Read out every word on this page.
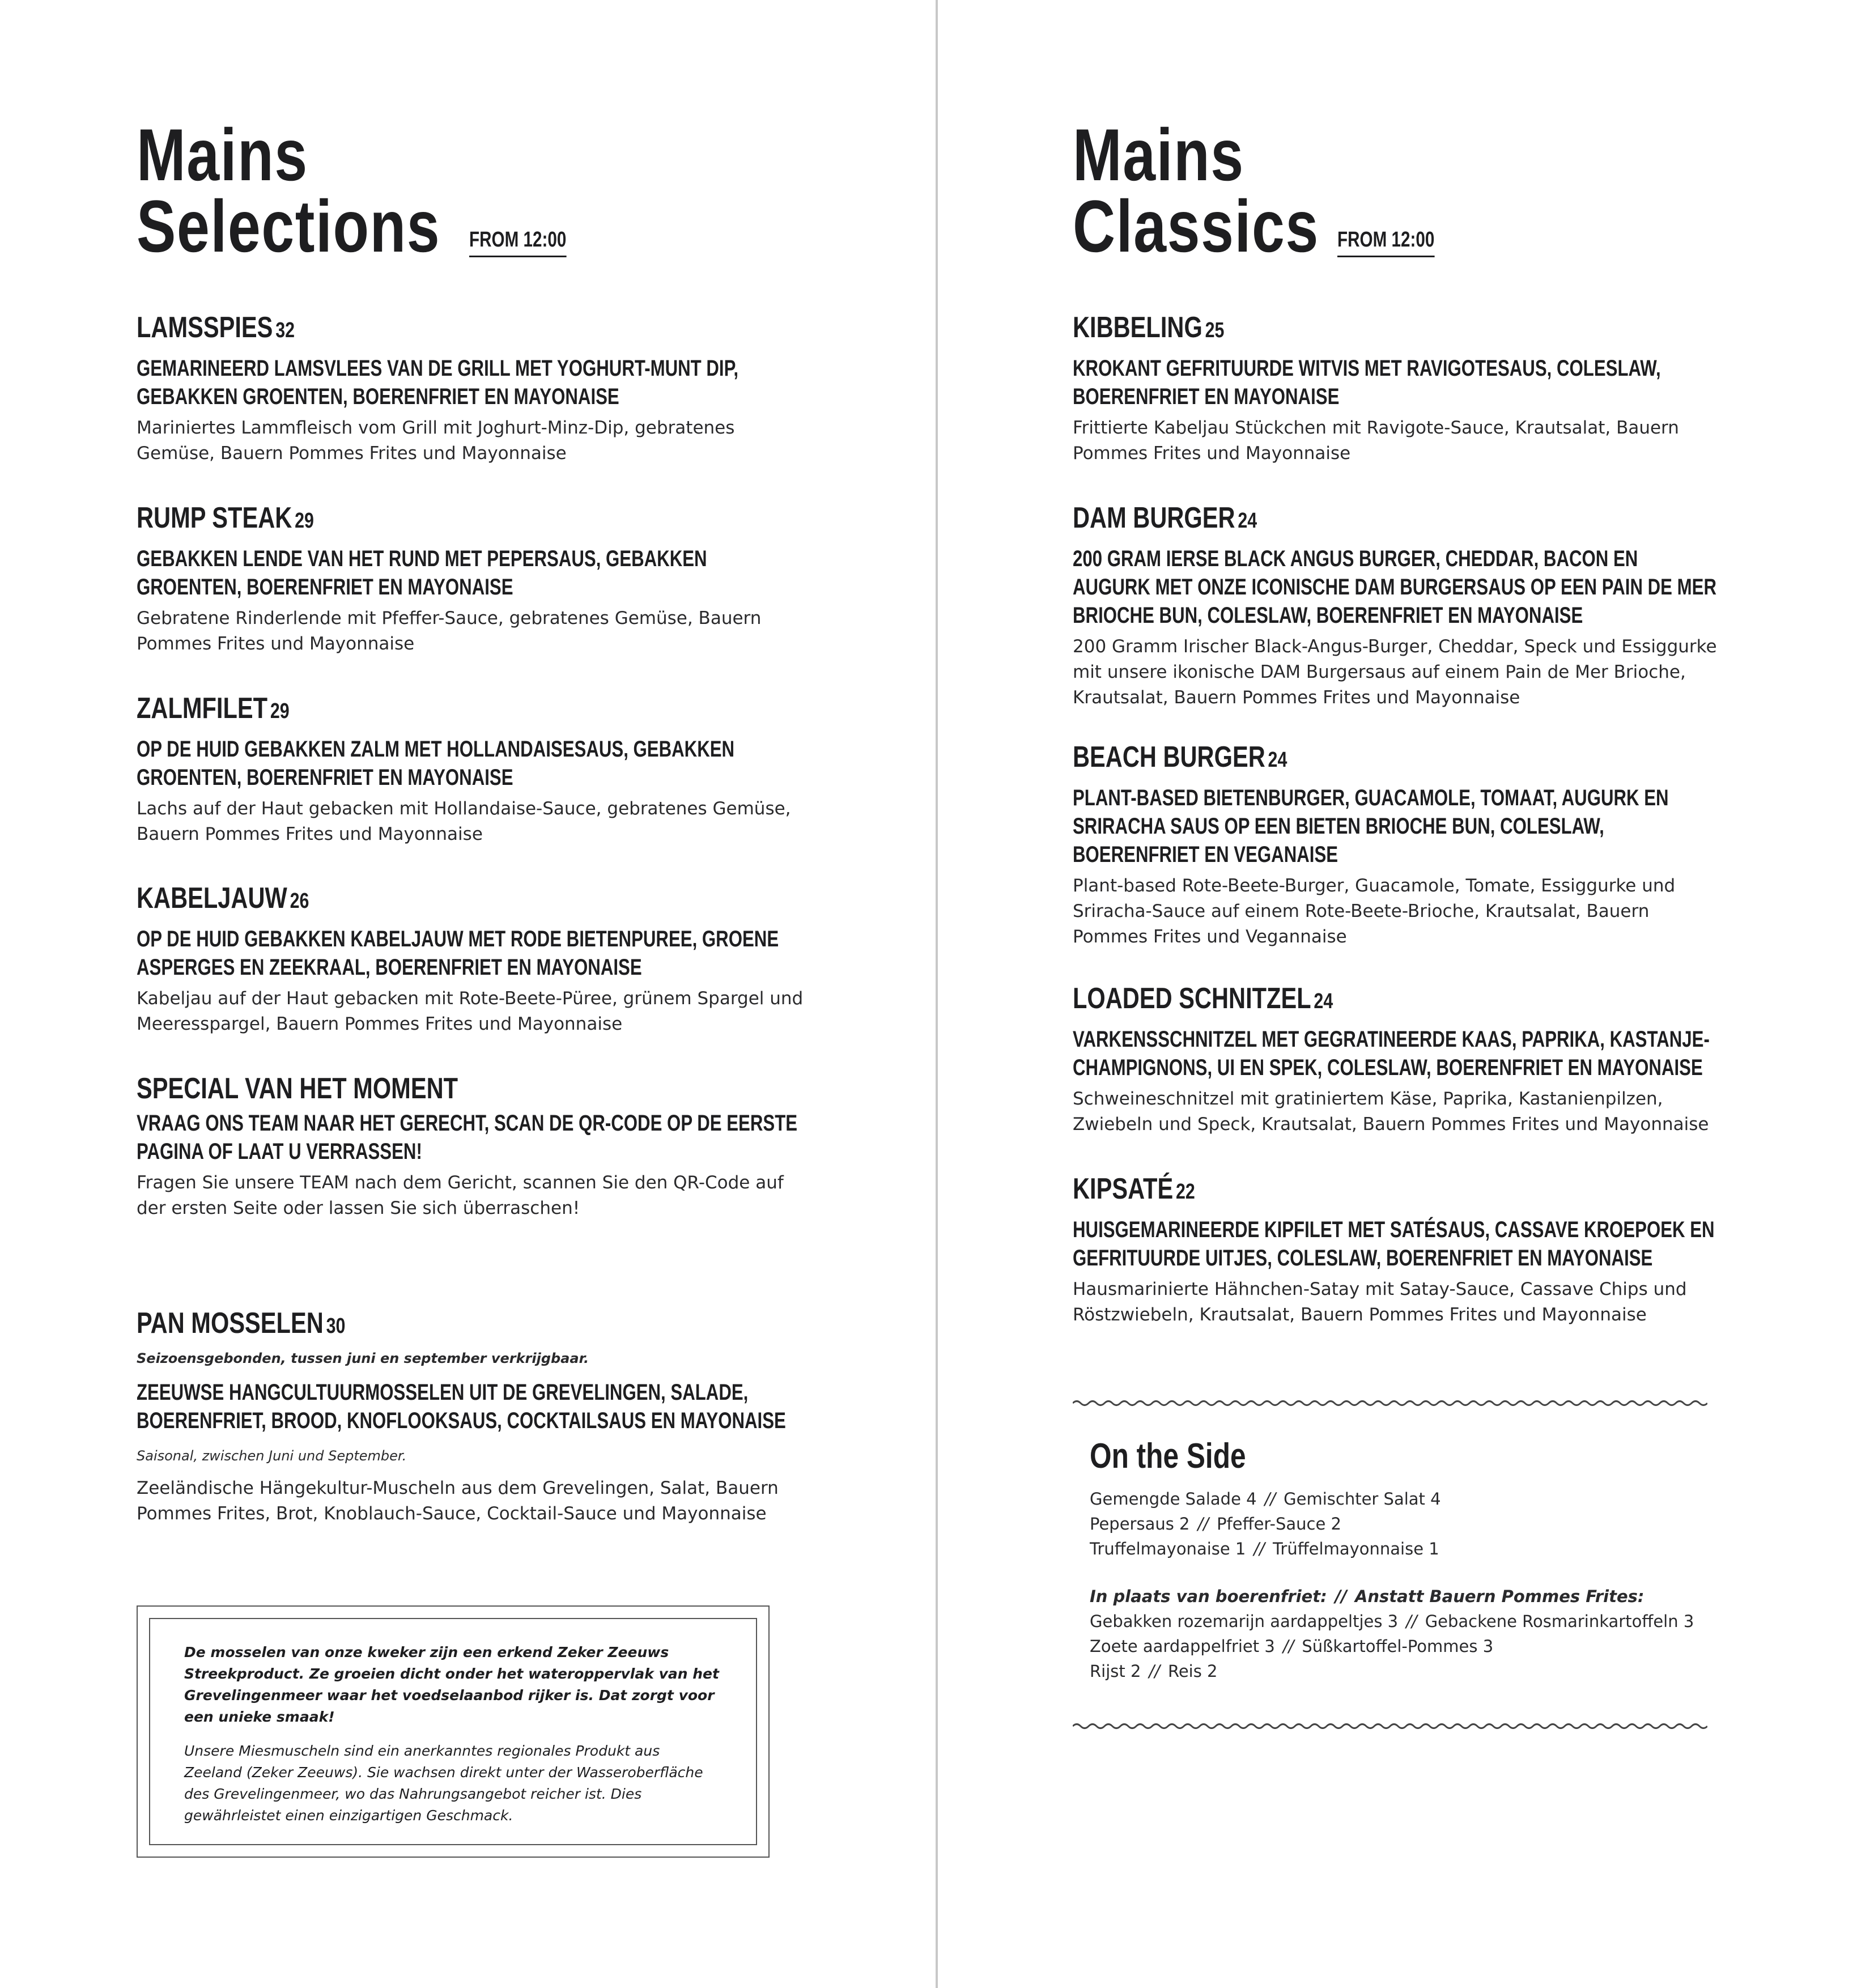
Mains
Selections FROM 12:00
LAMSSPIES 32
GEMARINEERD LAMSVLEES VAN DE GRILL MET YOGHURT-MUNT DIP, GEBAKKEN GROENTEN, BOERENFRIET EN MAYONAISE
Mariniertes Lammfleisch vom Grill mit Joghurt-Minz-Dip, gebratenes Gemüse, Bauern Pommes Frites und Mayonnaise
RUMP STEAK 29
GEBAKKEN LENDE VAN HET RUND MET PEPERSAUS, GEBAKKEN GROENTEN, BOERENFRIET EN MAYONAISE
Gebratene Rinderlende mit Pfeffer-Sauce, gebratenes Gemüse, Bauern Pommes Frites und Mayonnaise
ZALMFILET 29
OP DE HUID GEBAKKEN ZALM MET HOLLANDAISESAUS, GEBAKKEN GROENTEN, BOERENFRIET EN MAYONAISE
Lachs auf der Haut gebacken mit Hollandaise-Sauce, gebratenes Gemüse, Bauern Pommes Frites und Mayonnaise
KABELJAUW 26
OP DE HUID GEBAKKEN KABELJAUW MET RODE BIETENPUREE, GROENE ASPERGES EN ZEEKRAAL, BOERENFRIET EN MAYONAISE
Kabeljau auf der Haut gebacken mit Rote-Beete-Püree, grünem Spargel und Meeresspargel, Bauern Pommes Frites und Mayonnaise
SPECIAL VAN HET MOMENT
VRAAG ONS TEAM NAAR HET GERECHT, SCAN DE QR-CODE OP DE EERSTE PAGINA OF LAAT U VERRASSEN!
Fragen Sie unsere TEAM nach dem Gericht, scannen Sie den QR-Code auf der ersten Seite oder lassen Sie sich überraschen!
PAN MOSSELEN 30
Seizoensgebonden, tussen juni en september verkrijgbaar.
ZEEUWSE HANGCULTUURMOSSELEN UIT DE GREVELINGEN, SALADE, BOERENFRIET, BROOD, KNOFLOOKSAUS, COCKTAILSAUS EN MAYONAISE
Saisonal, zwischen Juni und September.
Zeeländische Hängekultur-Muscheln aus dem Grevelingen, Salat, Bauern Pommes Frites, Brot, Knoblauch-Sauce, Cocktail-Sauce und Mayonnaise

De mosselen van onze kweker zijn een erkend Zeker Zeeuws Streekproduct. Ze groeien dicht onder het wateroppervlak van het Grevelingenmeer waar het voedselaanbod rijker is. Dat zorgt voor een unieke smaak!

Unsere Miesmuscheln sind ein anerkanntes regionales Produkt aus Zeeland (Zeker Zeeuws). Sie wachsen direkt unter der Wasseroberfläche des Grevelingenmeer, wo das Nahrungsangebot reicher ist. Dies gewährleistet einen einzigartigen Geschmack.

Mains
Classics FROM 12:00
KIBBELING 25
KROKANT GEFRITUURDE WITVIS MET RAVIGOTESAUS, COLESLAW, BOERENFRIET EN MAYONAISE
Frittierte Kabeljau Stückchen mit Ravigote-Sauce, Krautsalat, Bauern Pommes Frites und Mayonnaise
DAM BURGER 24
200 GRAM IERSE BLACK ANGUS BURGER, CHEDDAR, BACON EN AUGURK MET ONZE ICONISCHE DAM BURGERSAUS OP EEN PAIN DE MER BRIOCHE BUN, COLESLAW, BOERENFRIET EN MAYONAISE
200 Gramm Irischer Black-Angus-Burger, Cheddar, Speck und Essiggurke mit unsere ikonische DAM Burgersaus auf einem Pain de Mer Brioche, Krautsalat, Bauern Pommes Frites und Mayonnaise
BEACH BURGER 24
PLANT-BASED BIETENBURGER, GUACAMOLE, TOMAAT, AUGURK EN SRIRACHA SAUS OP EEN BIETEN BRIOCHE BUN, COLESLAW, BOERENFRIET EN VEGANAISE
Plant-based Rote-Beete-Burger, Guacamole, Tomate, Essiggurke und Sriracha-Sauce auf einem Rote-Beete-Brioche, Krautsalat, Bauern Pommes Frites und Vegannaise
LOADED SCHNITZEL 24
VARKENSSCHNITZEL MET GEGRATINEERDE KAAS, PAPRIKA, KASTANJE-CHAMPIGNONS, UI EN SPEK, COLESLAW, BOERENFRIET EN MAYONAISE
Schweineschnitzel mit gratiniertem Käse, Paprika, Kastanienpilzen, Zwiebeln und Speck, Krautsalat, Bauern Pommes Frites und Mayonnaise
KIPSATÉ 22
HUISGEMARINEERDE KIPFILET MET SATÉSAUS, CASSAVE KROEPOEK EN GEFRITUURDE UITJES, COLESLAW, BOERENFRIET EN MAYONAISE
Hausmarinierte Hähnchen-Satay mit Satay-Sauce, Cassave Chips und Röstzwiebeln, Krautsalat, Bauern Pommes Frites und Mayonnaise
On the Side
Gemengde Salade 4 // Gemischter Salat 4
Pepersaus 2 // Pfeffer-Sauce 2
Truffelmayonaise 1 // Trüffelmayonnaise 1
In plaats van boerenfriet: // Anstatt Bauern Pommes Frites:
Gebakken rozemarijn aardappeltjes 3 // Gebackene Rosmarinkartoffeln 3
Zoete aardappelfriet 3 // Süßkartoffel-Pommes 3
Rijst 2 // Reis 2
